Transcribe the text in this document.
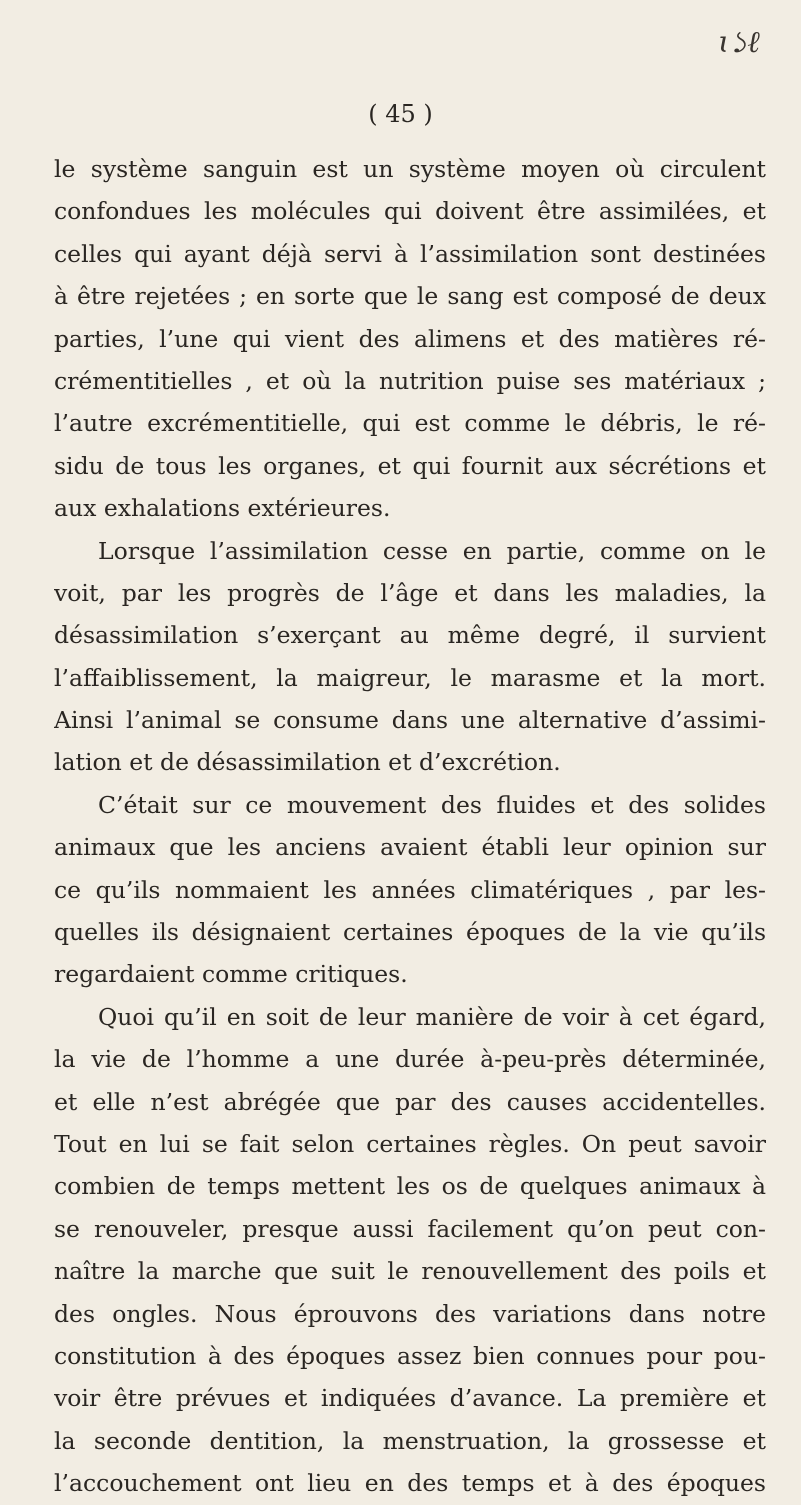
ɩ১ℓ
( 45 )
le système sanguin est un système moyen où circulent
confondues les molécules qui doivent être assimilées, et
celles qui ayant déjà servi à l’assimilation sont destinées
à être rejetées ; en sorte que le sang est composé de deux
parties, l’une qui vient des alimens et des matières ré-
crémentitielles , et où la nutrition puise ses matériaux ;
l’autre excrémentitielle, qui est comme le débris, le ré-
sidu de tous les organes, et qui fournit aux sécrétions et
aux exhalations extérieures.
Lorsque l’assimilation cesse en partie, comme on le
voit, par les progrès de l’âge et dans les maladies, la
désassimilation s’exerçant au même degré, il survient
l’affaiblissement, la maigreur, le marasme et la mort.
Ainsi l’animal se consume dans une alternative d’assimi-
lation et de désassimilation et d’excrétion.
C’était sur ce mouvement des fluides et des solides
animaux que les anciens avaient établi leur opinion sur
ce qu’ils nommaient les années climatériques , par les-
quelles ils désignaient certaines époques de la vie qu’ils
regardaient comme critiques.
Quoi qu’il en soit de leur manière de voir à cet égard,
la vie de l’homme a une durée à-peu-près déterminée,
et elle n’est abrégée que par des causes accidentelles.
Tout en lui se fait selon certaines règles. On peut savoir
combien de temps mettent les os de quelques animaux à
se renouveler, presque aussi facilement qu’on peut con-
naître la marche que suit le renouvellement des poils et
des ongles. Nous éprouvons des variations dans notre
constitution à des époques assez bien connues pour pou-
voir être prévues et indiquées d’avance. La première et
la seconde dentition, la menstruation, la grossesse et
l’accouchement ont lieu en des temps et à des époques
